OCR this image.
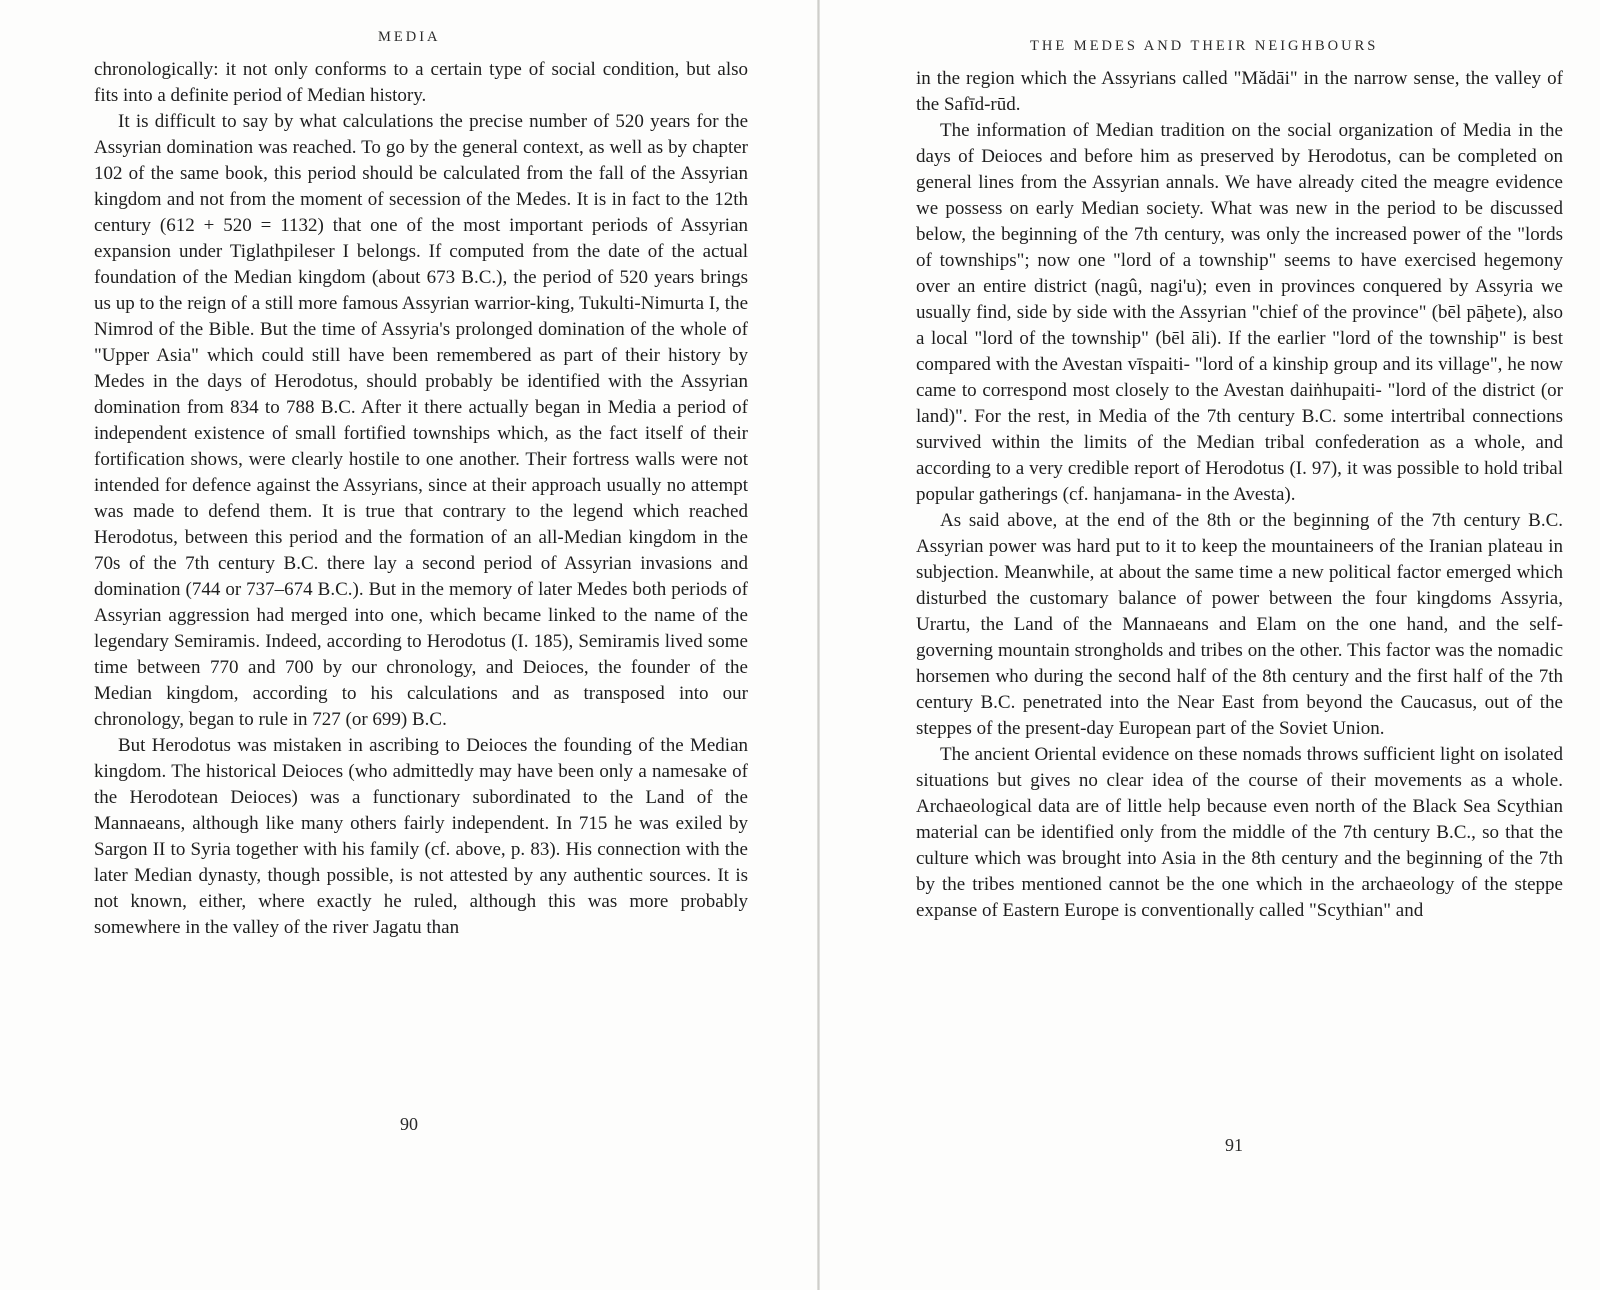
MEDIA

chronologically: it not only conforms to a certain type of social condition, but also fits into a definite period of Median history.

It is difficult to say by what calculations the precise number of 520 years for the Assyrian domination was reached. To go by the general context, as well as by chapter 102 of the same book, this period should be calculated from the fall of the Assyrian kingdom and not from the moment of secession of the Medes. It is in fact to the 12th century (612 + 520 = 1132) that one of the most important periods of Assyrian expansion under Tiglathpileser I belongs. If computed from the date of the actual foundation of the Median kingdom (about 673 B.C.), the period of 520 years brings us up to the reign of a still more famous Assyrian warrior-king, Tukulti-Nimurta I, the Nimrod of the Bible. But the time of Assyria's prolonged domination of the whole of "Upper Asia" which could still have been remembered as part of their history by Medes in the days of Herodotus, should probably be identified with the Assyrian domination from 834 to 788 B.C. After it there actually began in Media a period of independent existence of small fortified townships which, as the fact itself of their fortification shows, were clearly hostile to one another. Their fortress walls were not intended for defence against the Assyrians, since at their approach usually no attempt was made to defend them. It is true that contrary to the legend which reached Herodotus, between this period and the formation of an all-Median kingdom in the 70s of the 7th century B.C. there lay a second period of Assyrian invasions and domination (744 or 737–674 B.C.). But in the memory of later Medes both periods of Assyrian aggression had merged into one, which became linked to the name of the legendary Semiramis. Indeed, according to Herodotus (I. 185), Semiramis lived some time between 770 and 700 by our chronology, and Deioces, the founder of the Median kingdom, according to his calculations and as transposed into our chronology, began to rule in 727 (or 699) B.C.

But Herodotus was mistaken in ascribing to Deioces the founding of the Median kingdom. The historical Deioces (who admittedly may have been only a namesake of the Herodotean Deioces) was a functionary subordinated to the Land of the Mannaeans, although like many others fairly independent. In 715 he was exiled by Sargon II to Syria together with his family (cf. above, p. 83). His connection with the later Median dynasty, though possible, is not attested by any authentic sources. It is not known, either, where exactly he ruled, although this was more probably somewhere in the valley of the river Jagatu than

90
THE MEDES AND THEIR NEIGHBOURS

in the region which the Assyrians called "Mădāi" in the narrow sense, the valley of the Safīd-rūd.

The information of Median tradition on the social organization of Media in the days of Deioces and before him as preserved by Herodotus, can be completed on general lines from the Assyrian annals. We have already cited the meagre evidence we possess on early Median society. What was new in the period to be discussed below, the beginning of the 7th century, was only the increased power of the "lords of townships"; now one "lord of a township" seems to have exercised hegemony over an entire district (nagû, nagi'u); even in provinces conquered by Assyria we usually find, side by side with the Assyrian "chief of the province" (bēl pāḫete), also a local "lord of the township" (bēl āli). If the earlier "lord of the township" is best compared with the Avestan vīspaiti- "lord of a kinship group and its village", he now came to correspond most closely to the Avestan daiṅhupaiti- "lord of the district (or land)". For the rest, in Media of the 7th century B.C. some intertribal connections survived within the limits of the Median tribal confederation as a whole, and according to a very credible report of Herodotus (I. 97), it was possible to hold tribal popular gatherings (cf. hanjamana- in the Avesta).

As said above, at the end of the 8th or the beginning of the 7th century B.C. Assyrian power was hard put to it to keep the mountaineers of the Iranian plateau in subjection. Meanwhile, at about the same time a new political factor emerged which disturbed the customary balance of power between the four kingdoms Assyria, Urartu, the Land of the Mannaeans and Elam on the one hand, and the self-governing mountain strongholds and tribes on the other. This factor was the nomadic horsemen who during the second half of the 8th century and the first half of the 7th century B.C. penetrated into the Near East from beyond the Caucasus, out of the steppes of the present-day European part of the Soviet Union.

The ancient Oriental evidence on these nomads throws sufficient light on isolated situations but gives no clear idea of the course of their movements as a whole. Archaeological data are of little help because even north of the Black Sea Scythian material can be identified only from the middle of the 7th century B.C., so that the culture which was brought into Asia in the 8th century and the beginning of the 7th by the tribes mentioned cannot be the one which in the archaeology of the steppe expanse of Eastern Europe is conventionally called "Scythian" and

91
